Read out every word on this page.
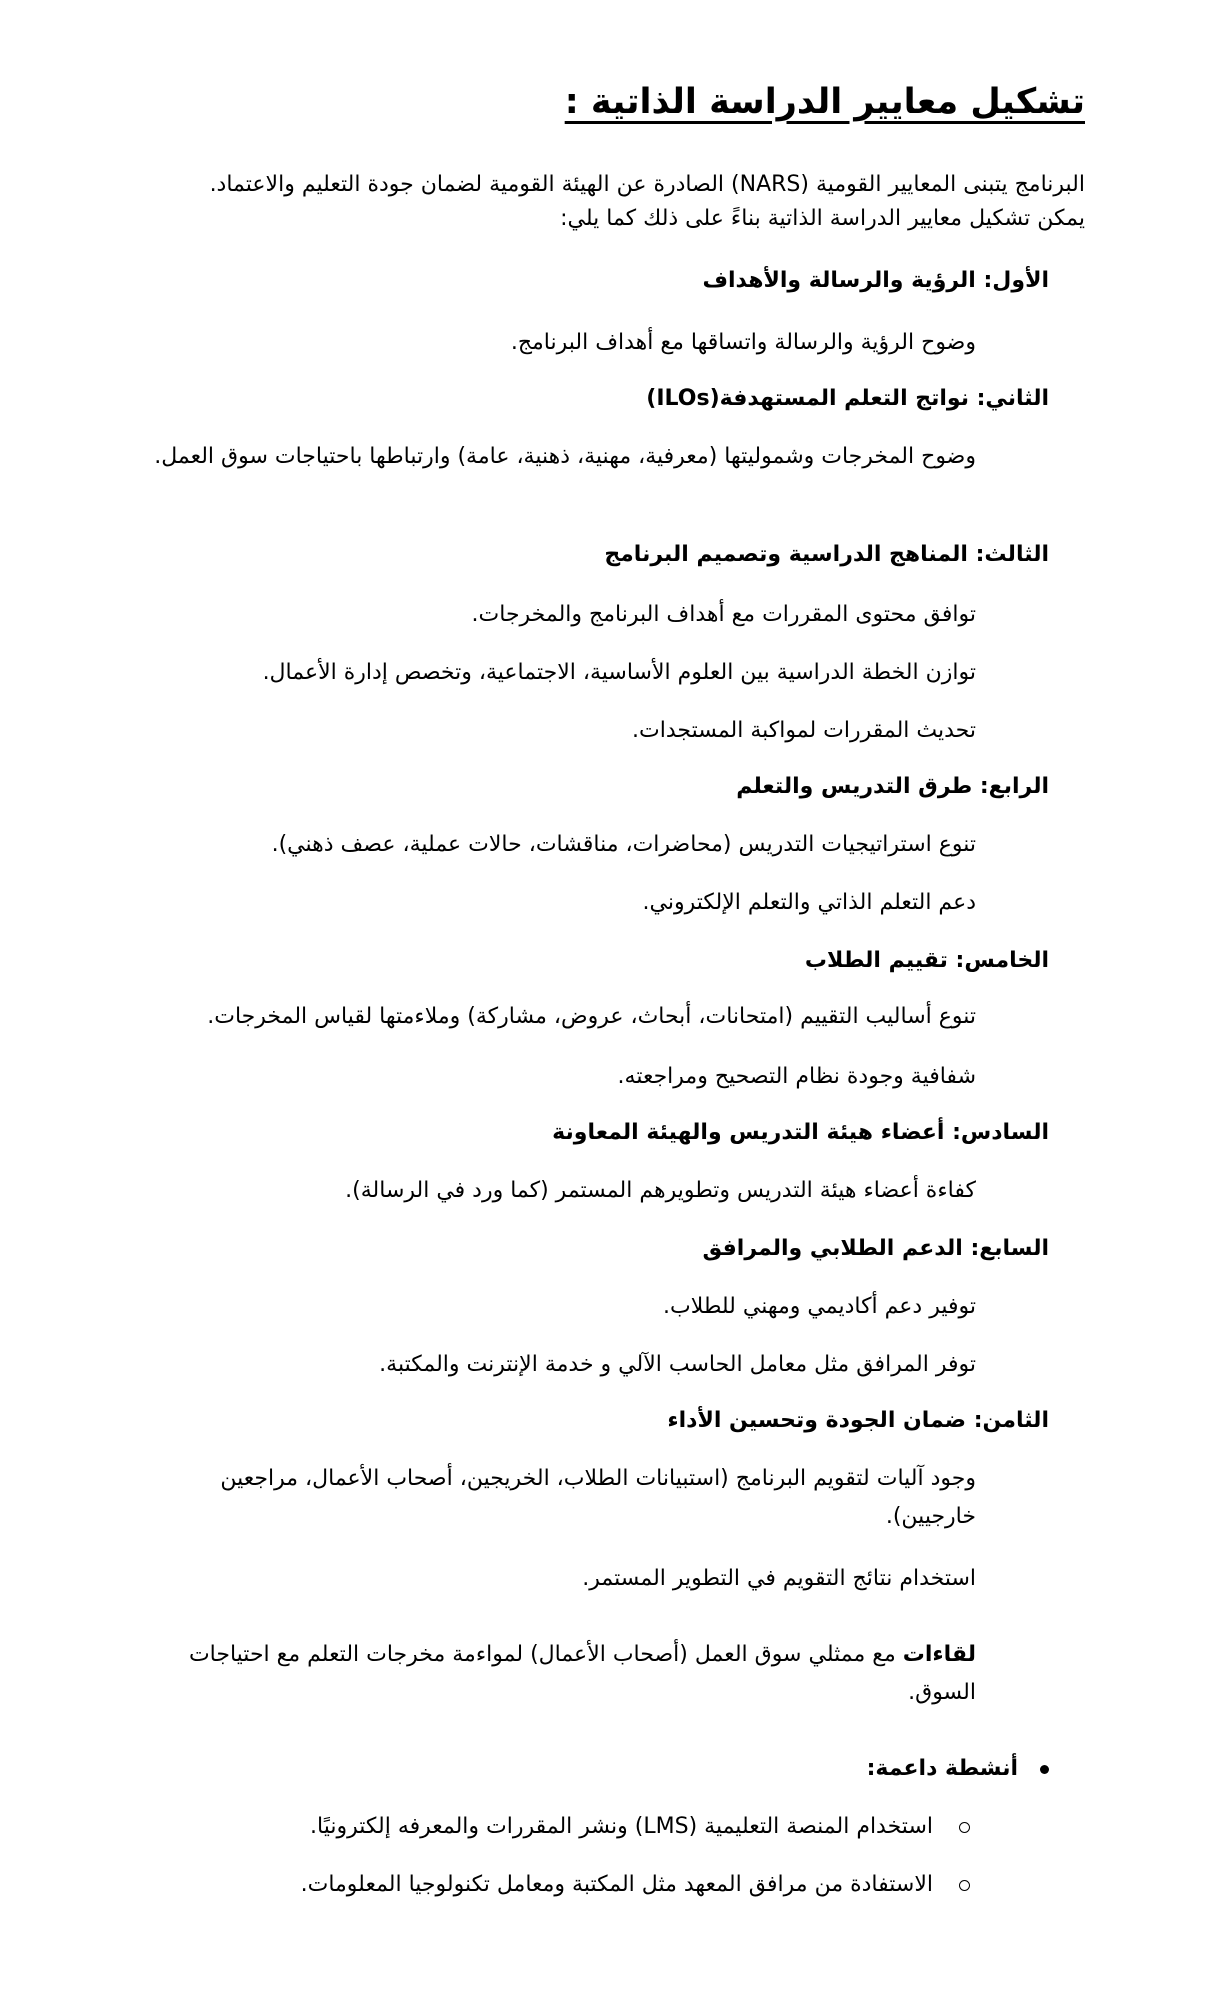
تشكيل معايير الدراسة الذاتية :

البرنامج يتبنى المعايير القومية (NARS) الصادرة عن الهيئة القومية لضمان جودة التعليم والاعتماد.
يمكن تشكيل معايير الدراسة الذاتية بناءً على ذلك كما يلي:

الأول: الرؤية والرسالة والأهداف

وضوح الرؤية والرسالة واتساقها مع أهداف البرنامج.

الثاني: نواتج التعلم المستهدفة(ILOs)

وضوح المخرجات وشموليتها (معرفية، مهنية، ذهنية، عامة) وارتباطها باحتياجات سوق العمل.

الثالث: المناهج الدراسية وتصميم البرنامج

توافق محتوى المقررات مع أهداف البرنامج والمخرجات.

توازن الخطة الدراسية بين العلوم الأساسية، الاجتماعية، وتخصص إدارة الأعمال.

تحديث المقررات لمواكبة المستجدات.

الرابع: طرق التدريس والتعلم

تنوع استراتيجيات التدريس (محاضرات، مناقشات، حالات عملية، عصف ذهني).

دعم التعلم الذاتي والتعلم الإلكتروني.

الخامس: تقييم الطلاب

تنوع أساليب التقييم (امتحانات، أبحاث، عروض، مشاركة) وملاءمتها لقياس المخرجات.

شفافية وجودة نظام التصحيح ومراجعته.

السادس: أعضاء هيئة التدريس والهيئة المعاونة

كفاءة أعضاء هيئة التدريس وتطويرهم المستمر (كما ورد في الرسالة).

السابع: الدعم الطلابي والمرافق

توفير دعم أكاديمي ومهني للطلاب.

توفر المرافق مثل معامل الحاسب الآلي و خدمة الإنترنت والمكتبة.

الثامن: ضمان الجودة وتحسين الأداء

وجود آليات لتقويم البرنامج (استبيانات الطلاب، الخريجين، أصحاب الأعمال، مراجعين خارجيين).

استخدام نتائج التقويم في التطوير المستمر.

لقاءات مع ممثلي سوق العمل (أصحاب الأعمال) لمواءمة مخرجات التعلم مع احتياجات السوق.

أنشطة داعمة:
استخدام المنصة التعليمية (LMS) ونشر المقررات والمعرفه إلكترونيًا.
الاستفادة من مرافق المعهد مثل المكتبة ومعامل تكنولوجيا المعلومات.
